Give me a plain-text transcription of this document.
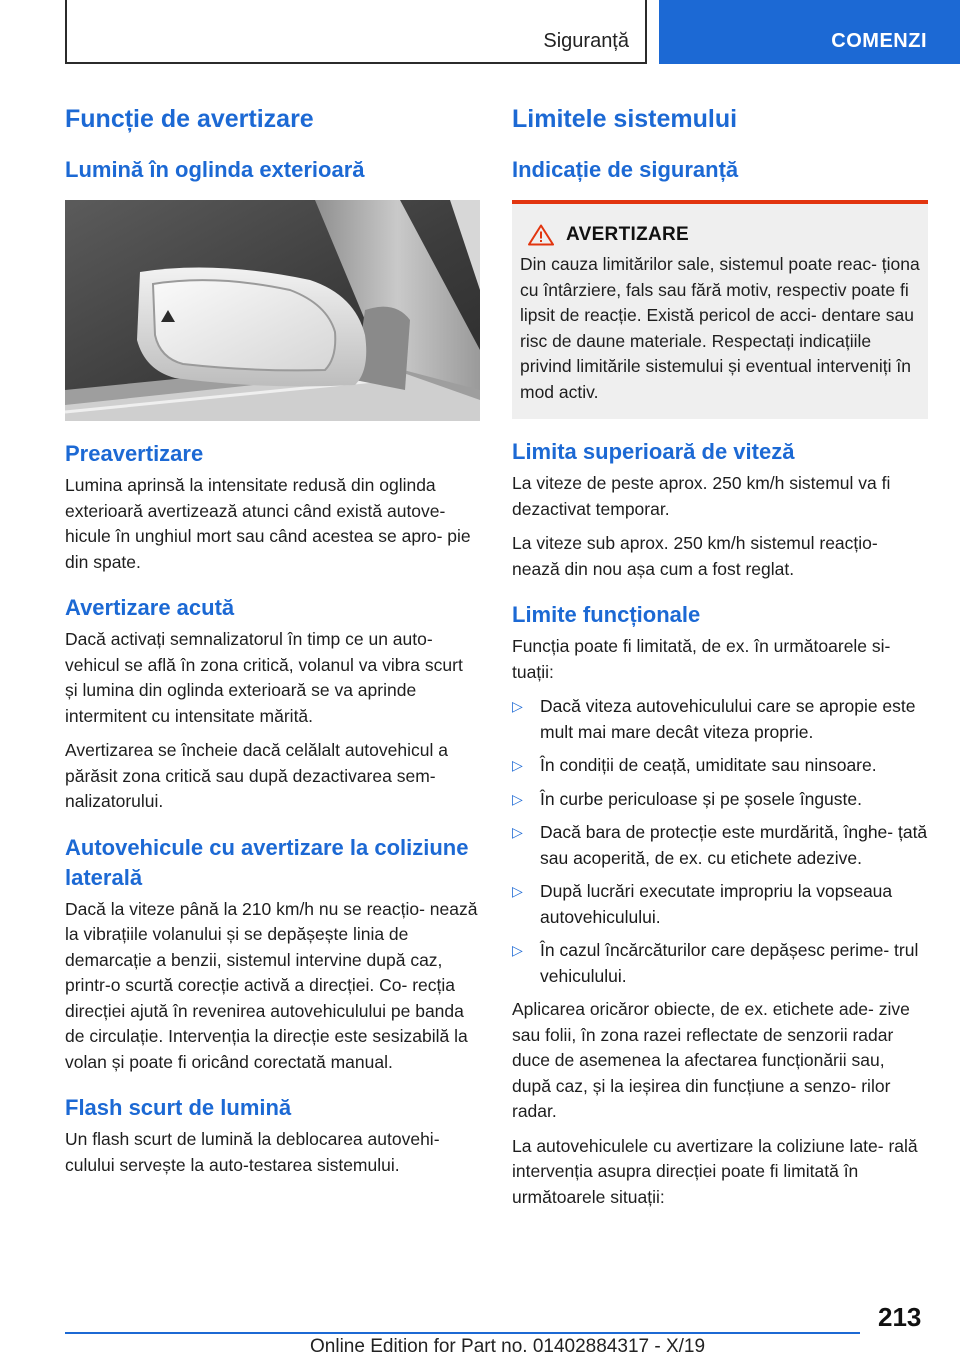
Siguranță	COMENZI
Funcție de avertizare
Lumină în oglinda exterioară
Preavertizare

Lumina aprinsă la intensitate redusă din oglinda exterioară avertizează atunci când există autove- hicule în unghiul mort sau când acestea se apro- pie din spate.

Avertizare acută

Dacă activați semnalizatorul în timp ce un auto- vehicul se află în zona critică, volanul va vibra scurt și lumina din oglinda exterioară se va aprinde intermitent cu intensitate mărită.

Avertizarea se încheie dacă celălalt autovehicul a părăsit zona critică sau după dezactivarea sem- nalizatorului.

Autovehicule cu avertizare la coliziune laterală

Dacă la viteze până la 210 km/h nu se reacțio- nează la vibrațiile volanului și se depășește linia de demarcație a benzii, sistemul intervine după caz, printr-o scurtă corecție activă a direcției. Co- recția direcției ajută în revenirea autovehiculului pe banda de circulație. Intervenția la direcție este sesizabilă la volan și poate fi oricând corectată manual.

Flash scurt de lumină

Un flash scurt de lumină la deblocarea autovehi- culului servește la auto-testarea sistemului.

Limitele sistemului
Indicație de siguranță
AVERTIZARE

Din cauza limitărilor sale, sistemul poate reac- ționa cu întârziere, fals sau fără motiv, respectiv poate fi lipsit de reacție. Există pericol de acci- dentare sau risc de daune materiale. Respectați indicațiile privind limitările sistemului și eventual interveniți în mod activ.

Limita superioară de viteză

La viteze de peste aprox. 250 km/h sistemul va fi dezactivat temporar.

La viteze sub aprox. 250 km/h sistemul reacțio- nează din nou așa cum a fost reglat.

Limite funcționale

Funcția poate fi limitată, de ex. în următoarele si- tuații:

▷ Dacă viteza autovehiculului care se apropie este mult mai mare decât viteza proprie.
▷ În condiții de ceață, umiditate sau ninsoare.
▷ În curbe periculoase și pe șosele înguste.
▷ Dacă bara de protecție este murdărită, înghe- țată sau acoperită, de ex. cu etichete adezive.
▷ După lucrări executate impropriu la vopseaua autovehiculului.
▷ În cazul încărcăturilor care depășesc perime- trul vehiculului.

Aplicarea oricăror obiecte, de ex. etichete ade- zive sau folii, în zona razei reflectate de senzorii radar duce de asemenea la afectarea funcționării sau, după caz, și la ieșirea din funcțiune a senzo- rilor radar.

La autovehiculele cu avertizare la coliziune late- rală intervenția asupra direcției poate fi limitată în următoarele situații:

213
Online Edition for Part no. 01402884317 - X/19
